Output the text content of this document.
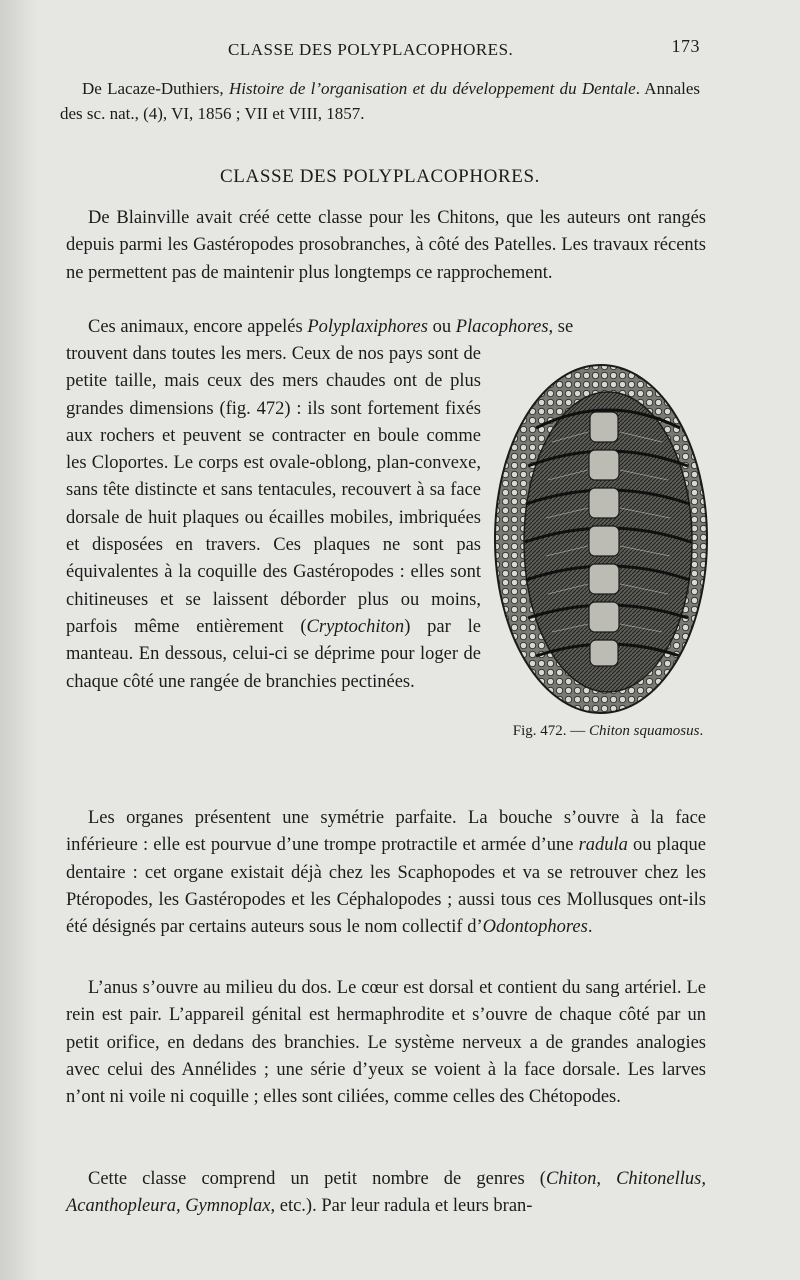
CLASSE DES POLYPLACOPHORES.	173
De Lacaze-Duthiers, Histoire de l’organisation et du développement du Dentale. Annales des sc. nat., (4), VI, 1856 ; VII et VIII, 1857.
CLASSE DES POLYPLACOPHORES.
De Blainville avait créé cette classe pour les Chitons, que les auteurs ont rangés depuis parmi les Gastéropodes prosobranches, à côté des Patelles. Les travaux récents ne permettent pas de maintenir plus longtemps ce rapprochement.
Ces animaux, encore appelés Polyplaxiphores ou Placophores, se
trouvent dans toutes les mers. Ceux de nos pays sont de petite taille, mais ceux des mers chaudes ont de plus grandes dimensions (fig. 472) : ils sont fortement fixés aux rochers et peuvent se contracter en boule comme les Cloportes. Le corps est ovale-oblong, plan-convexe, sans tête distincte et sans tentacules, recouvert à sa face dorsale de huit plaques ou écailles mobiles, imbriquées et disposées en travers. Ces plaques ne sont pas équivalentes à la coquille des Gastéropodes : elles sont chitineuses et se laissent déborder plus ou moins, parfois même entièrement (Cryptochiton) par le manteau. En dessous, celui-ci se déprime pour loger de chaque côté une rangée de branchies pectinées.
Fig. 472. — Chiton squamosus.
Les organes présentent une symétrie parfaite. La bouche s’ouvre à la face inférieure : elle est pourvue d’une trompe protractile et armée d’une radula ou plaque dentaire : cet organe existait déjà chez les Scaphopodes et va se retrouver chez les Ptéropodes, les Gastéropodes et les Céphalopodes ; aussi tous ces Mollusques ont-ils été désignés par certains auteurs sous le nom collectif d’Odontophores.
L’anus s’ouvre au milieu du dos. Le cœur est dorsal et contient du sang artériel. Le rein est pair. L’appareil génital est hermaphrodite et s’ouvre de chaque côté par un petit orifice, en dedans des branchies. Le système nerveux a de grandes analogies avec celui des Annélides ; une série d’yeux se voient à la face dorsale. Les larves n’ont ni voile ni coquille ; elles sont ciliées, comme celles des Chétopodes.
Cette classe comprend un petit nombre de genres (Chiton, Chitonellus, Acanthopleura, Gymnoplax, etc.). Par leur radula et leurs bran-
